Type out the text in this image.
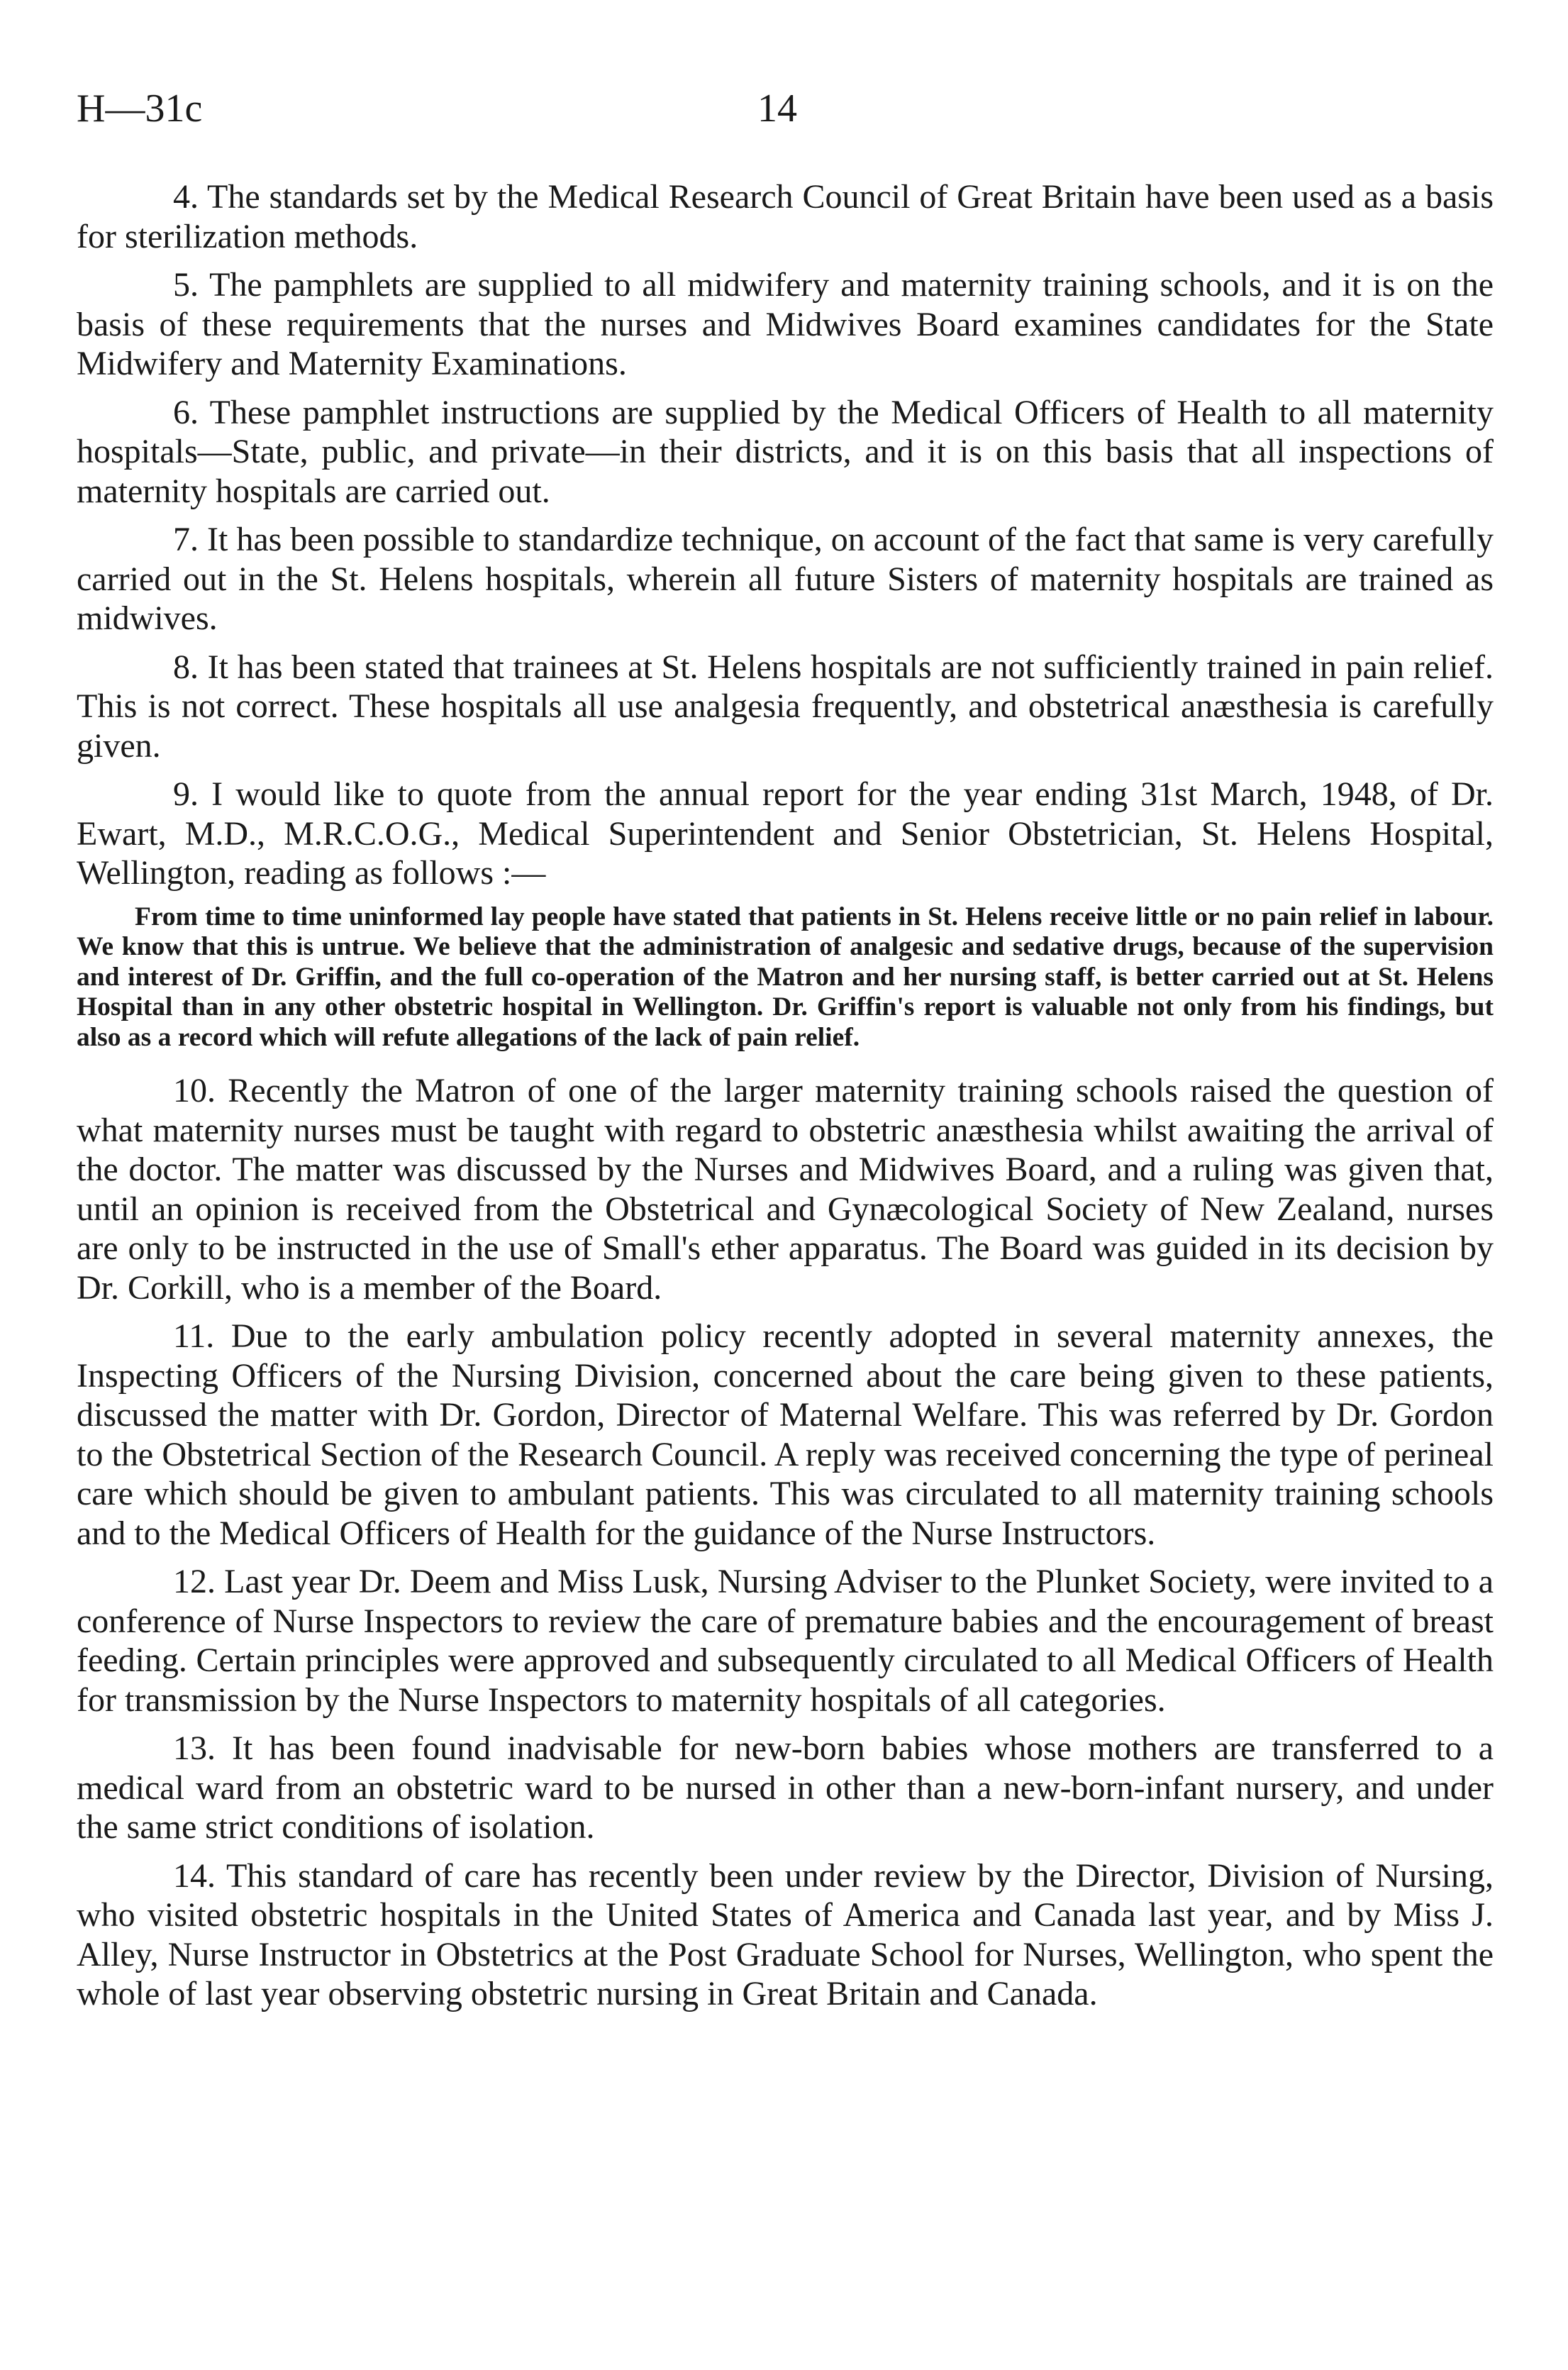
H—31c	14

4. The standards set by the Medical Research Council of Great Britain have been used as a basis for sterilization methods.

5. The pamphlets are supplied to all midwifery and maternity training schools, and it is on the basis of these requirements that the nurses and Midwives Board examines candidates for the State Midwifery and Maternity Examinations.

6. These pamphlet instructions are supplied by the Medical Officers of Health to all maternity hospitals—State, public, and private—in their districts, and it is on this basis that all inspections of maternity hospitals are carried out.

7. It has been possible to standardize technique, on account of the fact that same is very carefully carried out in the St. Helens hospitals, wherein all future Sisters of maternity hospitals are trained as midwives.

8. It has been stated that trainees at St. Helens hospitals are not sufficiently trained in pain relief. This is not correct. These hospitals all use analgesia frequently, and obstetrical anæsthesia is carefully given.

9. I would like to quote from the annual report for the year ending 31st March, 1948, of Dr. Ewart, M.D., M.R.C.O.G., Medical Superintendent and Senior Obstetrician, St. Helens Hospital, Wellington, reading as follows :—

From time to time uninformed lay people have stated that patients in St. Helens receive little or no pain relief in labour. We know that this is untrue. We believe that the administration of analgesic and sedative drugs, because of the supervision and interest of Dr. Griffin, and the full co-operation of the Matron and her nursing staff, is better carried out at St. Helens Hospital than in any other obstetric hospital in Wellington. Dr. Griffin's report is valuable not only from his findings, but also as a record which will refute allegations of the lack of pain relief.

10. Recently the Matron of one of the larger maternity training schools raised the question of what maternity nurses must be taught with regard to obstetric anæsthesia whilst awaiting the arrival of the doctor. The matter was discussed by the Nurses and Midwives Board, and a ruling was given that, until an opinion is received from the Obstetrical and Gynæcological Society of New Zealand, nurses are only to be instructed in the use of Small's ether apparatus. The Board was guided in its decision by Dr. Corkill, who is a member of the Board.

11. Due to the early ambulation policy recently adopted in several maternity annexes, the Inspecting Officers of the Nursing Division, concerned about the care being given to these patients, discussed the matter with Dr. Gordon, Director of Maternal Welfare. This was referred by Dr. Gordon to the Obstetrical Section of the Research Council. A reply was received concerning the type of perineal care which should be given to ambulant patients. This was circulated to all maternity training schools and to the Medical Officers of Health for the guidance of the Nurse Instructors.

12. Last year Dr. Deem and Miss Lusk, Nursing Adviser to the Plunket Society, were invited to a conference of Nurse Inspectors to review the care of premature babies and the encouragement of breast feeding. Certain principles were approved and subsequently circulated to all Medical Officers of Health for transmission by the Nurse Inspectors to maternity hospitals of all categories.

13. It has been found inadvisable for new-born babies whose mothers are transferred to a medical ward from an obstetric ward to be nursed in other than a new-born-infant nursery, and under the same strict conditions of isolation.

14. This standard of care has recently been under review by the Director, Division of Nursing, who visited obstetric hospitals in the United States of America and Canada last year, and by Miss J. Alley, Nurse Instructor in Obstetrics at the Post Graduate School for Nurses, Wellington, who spent the whole of last year observing obstetric nursing in Great Britain and Canada.
